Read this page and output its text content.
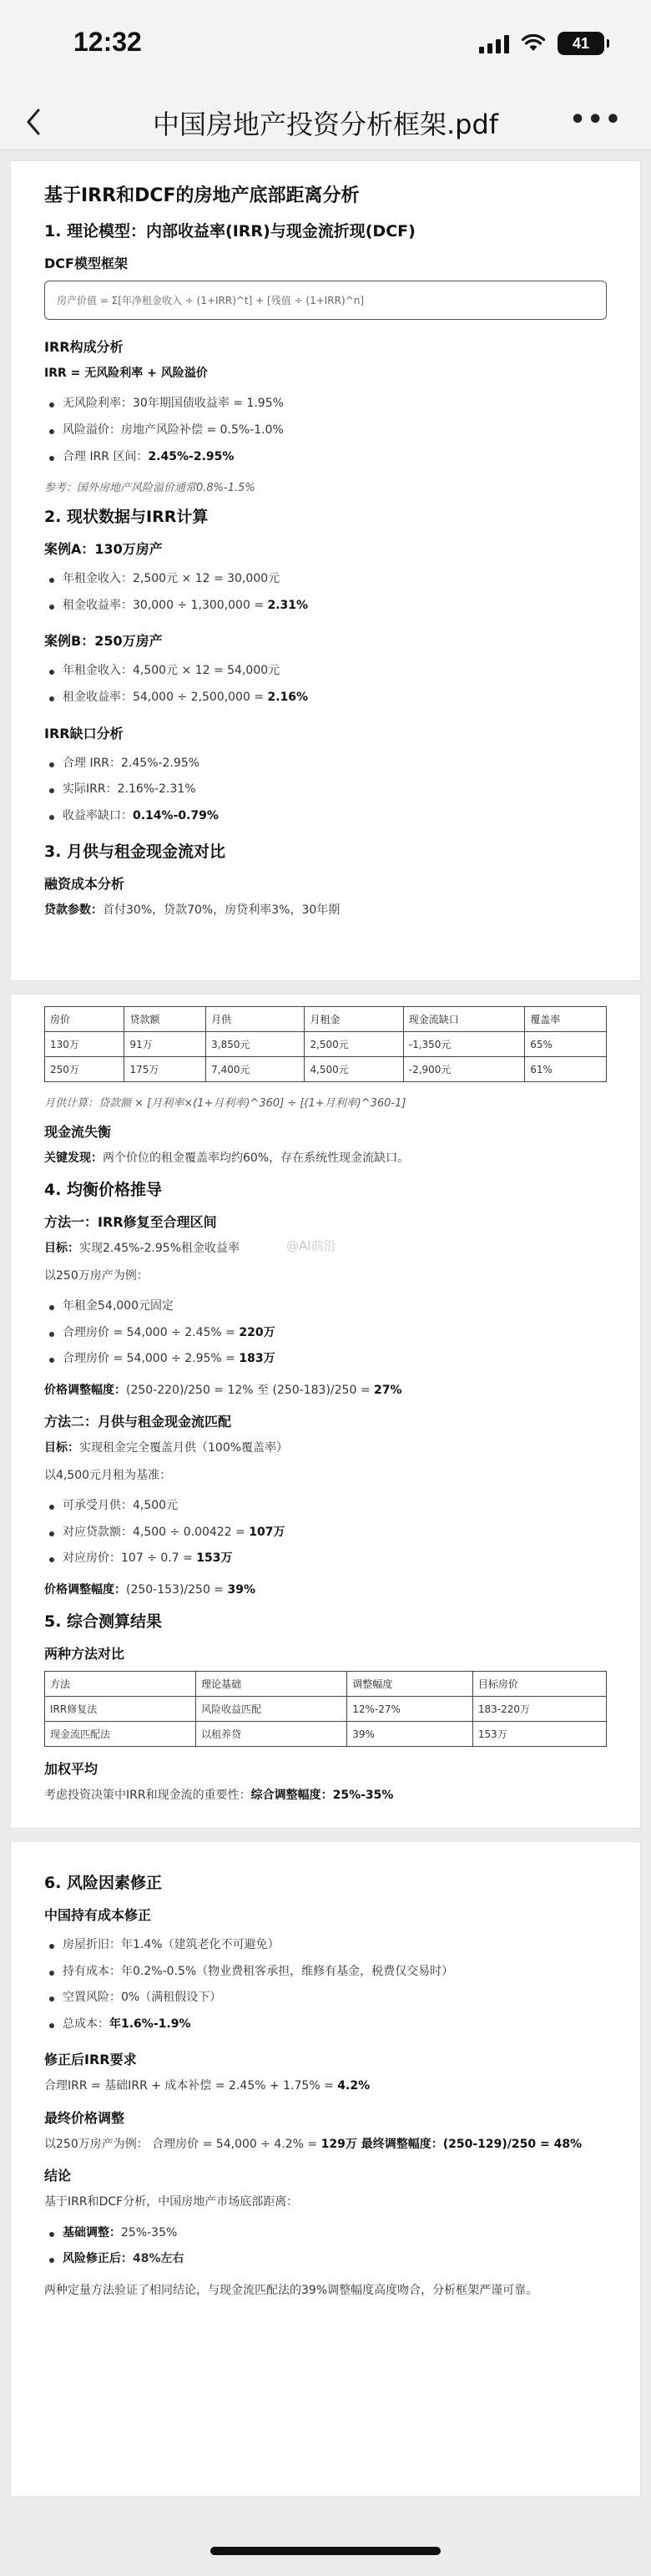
12:32	41
中国房地产投资分析框架.pdf	•••
基于IRR和DCF的房地产底部距离分析
1. 理论模型：内部收益率(IRR)与现金流折现(DCF)
DCF模型框架
房产价值 = Σ[年净租金收入 ÷ (1+IRR)^t] + [残值 ÷ (1+IRR)^n]
IRR构成分析
IRR = 无风险利率 + 风险溢价
无风险利率：30年期国债收益率 = 1.95%
风险溢价：房地产风险补偿 = 0.5%-1.0%
合理 IRR 区间：2.45%-2.95%
参考：国外房地产风险溢价通常0.8%-1.5%
2. 现状数据与IRR计算
案例A：130万房产
年租金收入：2,500元 × 12 = 30,000元
租金收益率：30,000 ÷ 1,300,000 = 2.31%
案例B：250万房产
年租金收入：4,500元 × 12 = 54,000元
租金收益率：54,000 ÷ 2,500,000 = 2.16%
IRR缺口分析
合理 IRR：2.45%-2.95%
实际IRR：2.16%-2.31%
收益率缺口：0.14%-0.79%
3. 月供与租金现金流对比
融资成本分析
贷款参数：首付30%，贷款70%，房贷利率3%，30年期
房价	贷款额	月供	月租金	现金流缺口	覆盖率
130万	91万	3,850元	2,500元	-1,350元	65%
250万	175万	7,400元	4,500元	-2,900元	61%
月供计算：贷款额 × [月利率×(1+月利率)^360] ÷ [(1+月利率)^360-1]
现金流失衡
关键发现：两个价位的租金覆盖率均约60%，存在系统性现金流缺口。
4. 均衡价格推导
方法一：IRR修复至合理区间
目标：实现2.45%-2.95%租金收益率
以250万房产为例：
年租金54,000元固定
合理房价 = 54,000 ÷ 2.45% = 220万
合理房价 = 54,000 ÷ 2.95% = 183万
价格调整幅度：(250-220)/250 = 12% 至 (250-183)/250 = 27%
方法二：月供与租金现金流匹配
目标：实现租金完全覆盖月供（100%覆盖率）
以4,500元月租为基准：
可承受月供：4,500元
对应贷款额：4,500 ÷ 0.00422 = 107万
对应房价：107 ÷ 0.7 = 153万
价格调整幅度：(250-153)/250 = 39%
5. 综合测算结果
两种方法对比
方法	理论基础	调整幅度	目标房价
IRR修复法	风险收益匹配	12%-27%	183-220万
现金流匹配法	以租养贷	39%	153万
加权平均
考虑投资决策中IRR和现金流的重要性：综合调整幅度：25%-35%
@AI前沿
6. 风险因素修正
中国持有成本修正
房屋折旧：年1.4%（建筑老化不可避免）
持有成本：年0.2%-0.5%（物业费租客承担，维修有基金，税费仅交易时）
空置风险：0%（满租假设下）
总成本：年1.6%-1.9%
修正后IRR要求
合理IRR = 基础IRR + 成本补偿 = 2.45% + 1.75% = 4.2%
最终价格调整
以250万房产为例： 合理房价 = 54,000 ÷ 4.2% = 129万 最终调整幅度：(250-129)/250 = 48%
结论
基于IRR和DCF分析，中国房地产市场底部距离：
基础调整：25%-35%
风险修正后：48%左右
两种定量方法验证了相同结论，与现金流匹配法的39%调整幅度高度吻合，分析框架严谨可靠。
